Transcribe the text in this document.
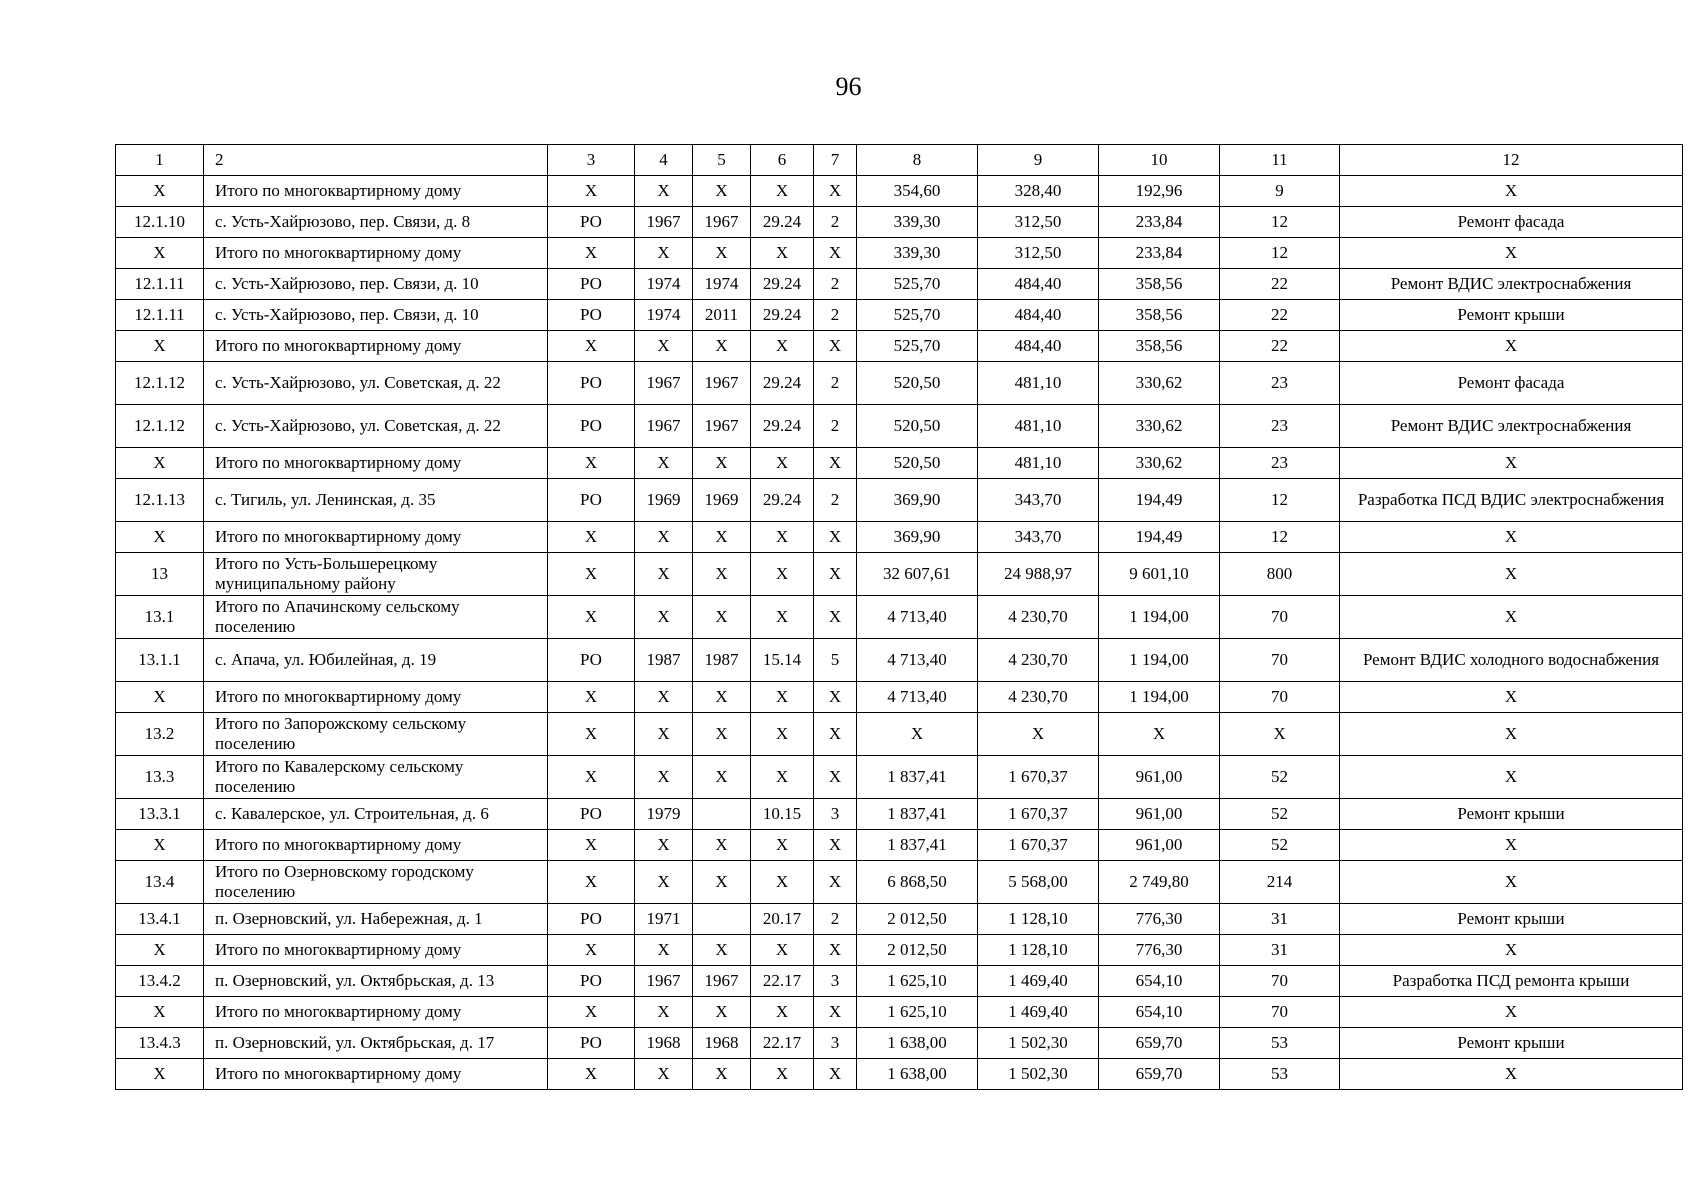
96
1	2	3	4	5	6	7	8	9	10	11	12
X	Итого по многоквартирному дому	X	X	X	X	X	354,60	328,40	192,96	9	X
12.1.10	с. Усть-Хайрюзово, пер. Связи, д. 8	РО	1967	1967	29.24	2	339,30	312,50	233,84	12	Ремонт фасада
X	Итого по многоквартирному дому	X	X	X	X	X	339,30	312,50	233,84	12	X
12.1.11	с. Усть-Хайрюзово, пер. Связи, д. 10	РО	1974	1974	29.24	2	525,70	484,40	358,56	22	Ремонт ВДИС электроснабжения
12.1.11	с. Усть-Хайрюзово, пер. Связи, д. 10	РО	1974	2011	29.24	2	525,70	484,40	358,56	22	Ремонт крыши
X	Итого по многоквартирному дому	X	X	X	X	X	525,70	484,40	358,56	22	X
12.1.12	с. Усть-Хайрюзово, ул. Советская, д. 22	РО	1967	1967	29.24	2	520,50	481,10	330,62	23	Ремонт фасада
12.1.12	с. Усть-Хайрюзово, ул. Советская, д. 22	РО	1967	1967	29.24	2	520,50	481,10	330,62	23	Ремонт ВДИС электроснабжения
X	Итого по многоквартирному дому	X	X	X	X	X	520,50	481,10	330,62	23	X
12.1.13	с. Тигиль, ул. Ленинская, д. 35	РО	1969	1969	29.24	2	369,90	343,70	194,49	12	Разработка ПСД ВДИС электроснабжения
X	Итого по многоквартирному дому	X	X	X	X	X	369,90	343,70	194,49	12	X
13	Итого по Усть-Большерецкому муниципальному району	X	X	X	X	X	32 607,61	24 988,97	9 601,10	800	X
13.1	Итого по Апачинскому сельскому поселению	X	X	X	X	X	4 713,40	4 230,70	1 194,00	70	X
13.1.1	с. Апача, ул. Юбилейная, д. 19	РО	1987	1987	15.14	5	4 713,40	4 230,70	1 194,00	70	Ремонт ВДИС холодного водоснабжения
X	Итого по многоквартирному дому	X	X	X	X	X	4 713,40	4 230,70	1 194,00	70	X
13.2	Итого по Запорожскому сельскому поселению	X	X	X	X	X	X	X	X	X	X
13.3	Итого по Кавалерскому сельскому поселению	X	X	X	X	X	1 837,41	1 670,37	961,00	52	X
13.3.1	с. Кавалерское, ул. Строительная, д. 6	РО	1979		10.15	3	1 837,41	1 670,37	961,00	52	Ремонт крыши
X	Итого по многоквартирному дому	X	X	X	X	X	1 837,41	1 670,37	961,00	52	X
13.4	Итого по Озерновскому городскому поселению	X	X	X	X	X	6 868,50	5 568,00	2 749,80	214	X
13.4.1	п. Озерновский, ул. Набережная, д. 1	РО	1971		20.17	2	2 012,50	1 128,10	776,30	31	Ремонт крыши
X	Итого по многоквартирному дому	X	X	X	X	X	2 012,50	1 128,10	776,30	31	X
13.4.2	п. Озерновский, ул. Октябрьская, д. 13	РО	1967	1967	22.17	3	1 625,10	1 469,40	654,10	70	Разработка ПСД ремонта крыши
X	Итого по многоквартирному дому	X	X	X	X	X	1 625,10	1 469,40	654,10	70	X
13.4.3	п. Озерновский, ул. Октябрьская, д. 17	РО	1968	1968	22.17	3	1 638,00	1 502,30	659,70	53	Ремонт крыши
X	Итого по многоквартирному дому	X	X	X	X	X	1 638,00	1 502,30	659,70	53	X
